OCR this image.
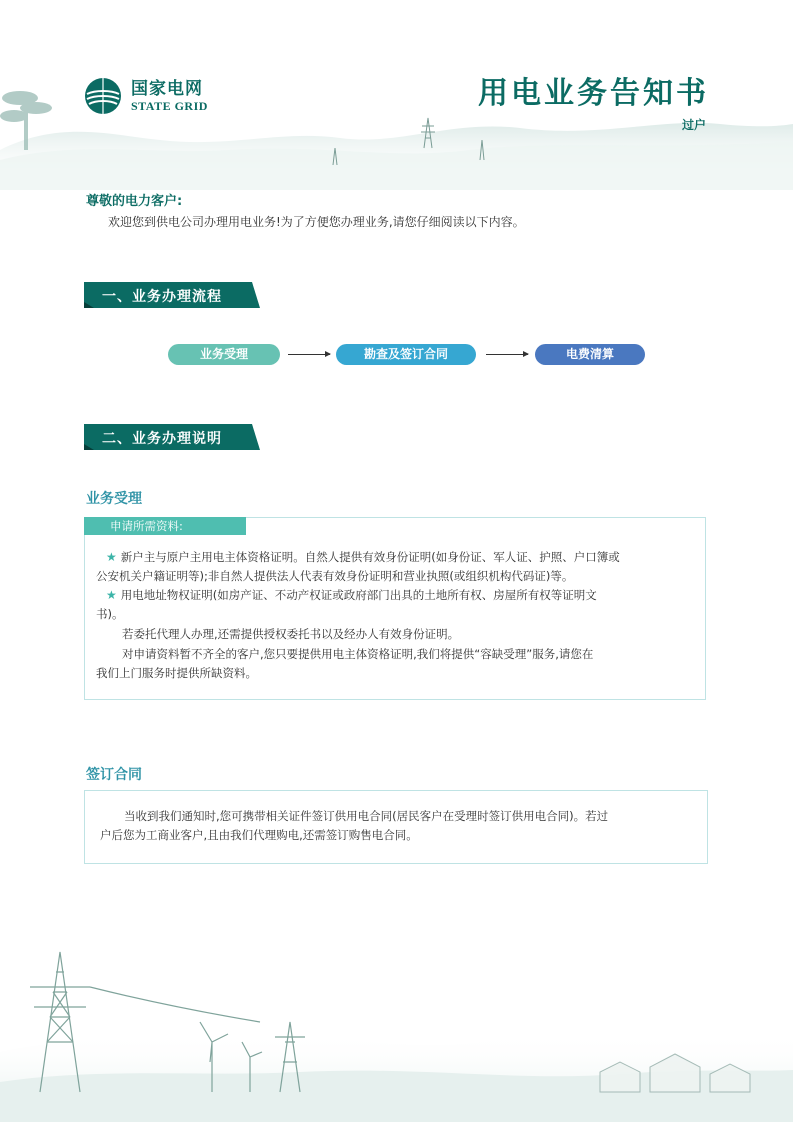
国家电网
STATE GRID	用电业务告知书
过户
尊敬的电力客户:
欢迎您到供电公司办理用电业务!为了方便您办理业务,请您仔细阅读以下内容。
一、业务办理流程
业务受理	勘查及签订合同	电费清算
二、业务办理说明
业务受理
申请所需资料:
★ 新户主与原户主用电主体资格证明。自然人提供有效身份证明(如身份证、军人证、护照、户口簿或
公安机关户籍证明等);非自然人提供法人代表有效身份证明和营业执照(或组织机构代码证)等。
★ 用电地址物权证明(如房产证、不动产权证或政府部门出具的土地所有权、房屋所有权等证明文
书)。
若委托代理人办理,还需提供授权委托书以及经办人有效身份证明。
对申请资料暂不齐全的客户,您只要提供用电主体资格证明,我们将提供“容缺受理”服务,请您在
我们上门服务时提供所缺资料。
签订合同
当收到我们通知时,您可携带相关证件签订供用电合同(居民客户在受理时签订供用电合同)。若过
户后您为工商业客户,且由我们代理购电,还需签订购售电合同。
